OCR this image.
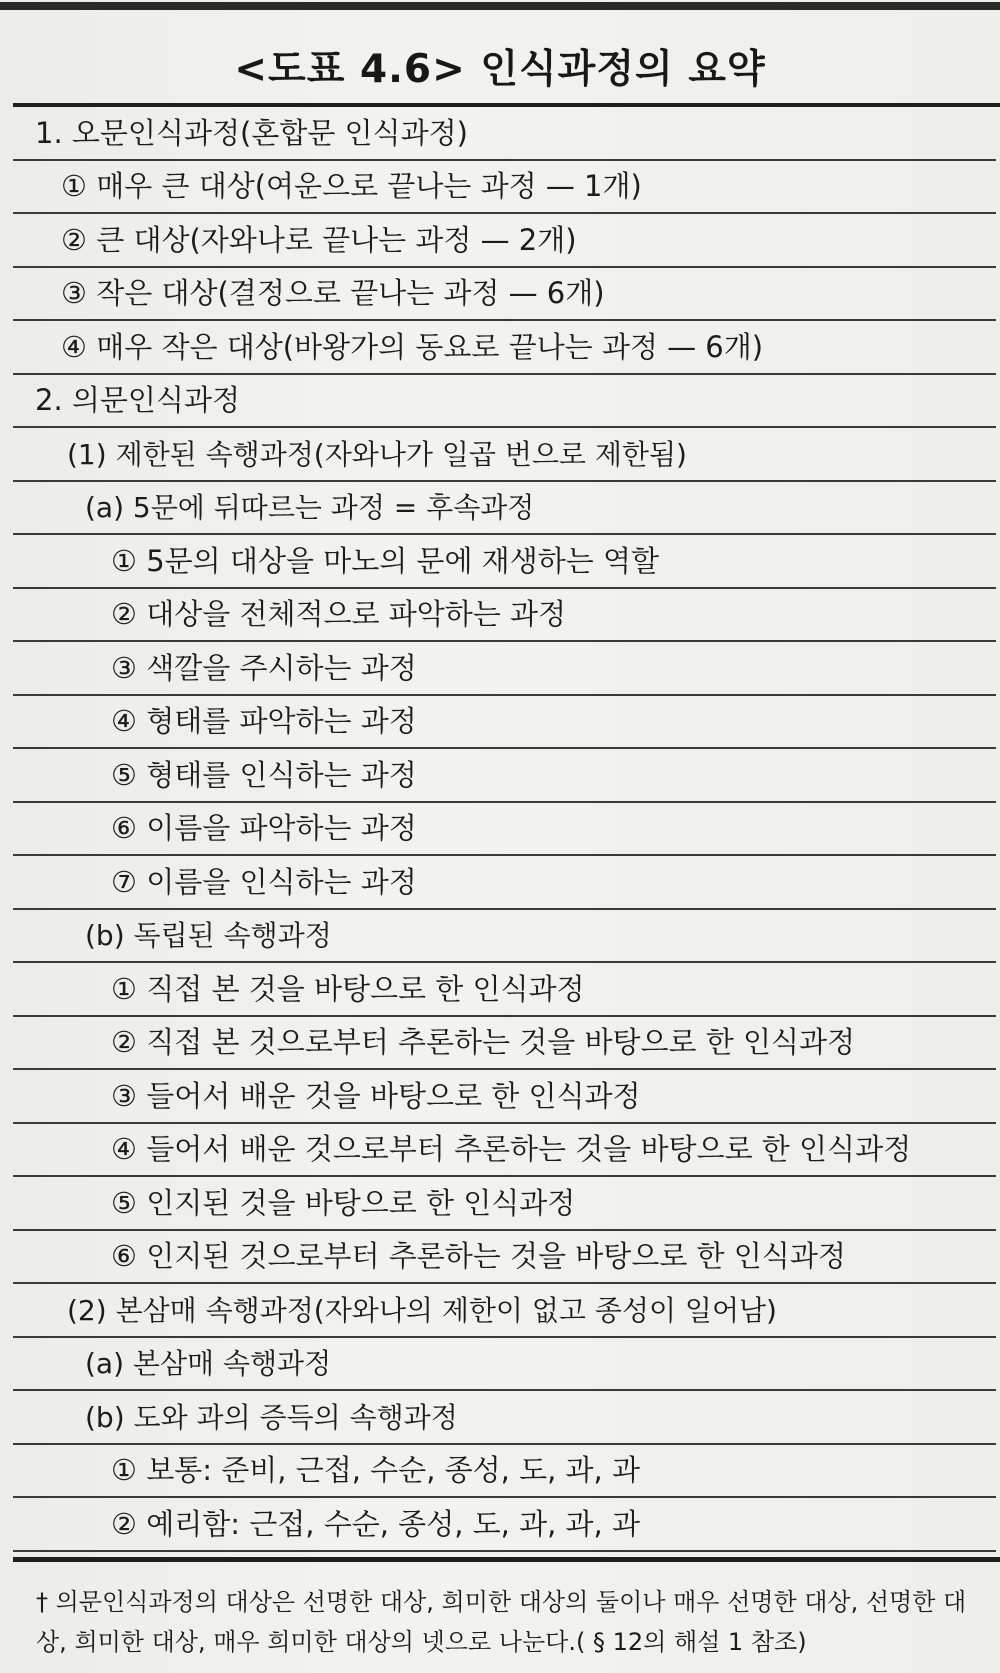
<도표 4.6> 인식과정의 요약
1. 오문인식과정(혼합문 인식과정)
① 매우 큰 대상(여운으로 끝나는 과정 — 1개)
② 큰 대상(자와나로 끝나는 과정 — 2개)
③ 작은 대상(결정으로 끝나는 과정 — 6개)
④ 매우 작은 대상(바왕가의 동요로 끝나는 과정 — 6개)
2. 의문인식과정
(1) 제한된 속행과정(자와나가 일곱 번으로 제한됨)
(a) 5문에 뒤따르는 과정 = 후속과정
① 5문의 대상을 마노의 문에 재생하는 역할
② 대상을 전체적으로 파악하는 과정
③ 색깔을 주시하는 과정
④ 형태를 파악하는 과정
⑤ 형태를 인식하는 과정
⑥ 이름을 파악하는 과정
⑦ 이름을 인식하는 과정
(b) 독립된 속행과정
① 직접 본 것을 바탕으로 한 인식과정
② 직접 본 것으로부터 추론하는 것을 바탕으로 한 인식과정
③ 들어서 배운 것을 바탕으로 한 인식과정
④ 들어서 배운 것으로부터 추론하는 것을 바탕으로 한 인식과정
⑤ 인지된 것을 바탕으로 한 인식과정
⑥ 인지된 것으로부터 추론하는 것을 바탕으로 한 인식과정
(2) 본삼매 속행과정(자와나의 제한이 없고 종성이 일어남)
(a) 본삼매 속행과정
(b) 도와 과의 증득의 속행과정
① 보통: 준비, 근접, 수순, 종성, 도, 과, 과
② 예리함: 근접, 수순, 종성, 도, 과, 과, 과
† 의문인식과정의 대상은 선명한 대상, 희미한 대상의 둘이나 매우 선명한 대상, 선명한 대상, 희미한 대상, 매우 희미한 대상의 넷으로 나눈다.( § 12의 해설 1 참조)
